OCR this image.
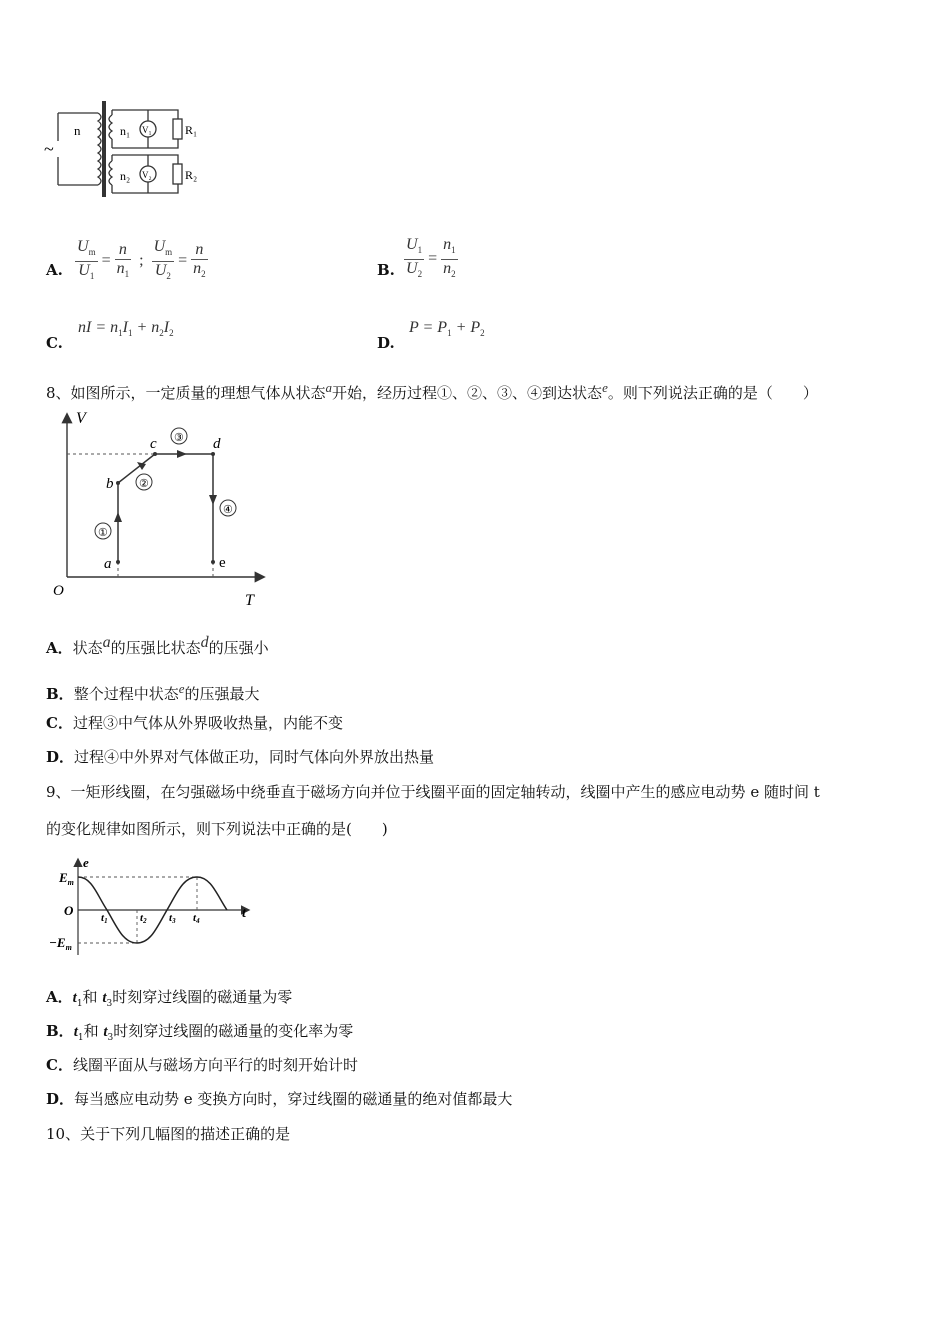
~
n	n₁
n₂
V₁
V₂
R₁
R₂
A. $\frac{U_m}{U_1} = \frac{n}{n_1}$ ; $\frac{U_m}{U_2} = \frac{n}{n_2}$	B. $\frac{U_1}{U_2} = \frac{n_1}{n_2}$
C.
nI = $n_1I_1 + n_2I_2$
D.
$P = P_1 + P_2$
8、如图所示，一定质量的理想气体从状态$^a$开始，经历过程①、②、③、④到达状态$^e$。则下列说法正确的是（　　）
V
T
O
a
b
c	d
e
①
②
③
④
A．状态$^a$的压强比状态$^d$的压强小
B．整个过程中状态$^e$的压强最大
C．过程③中气体从外界吸收热量，内能不变
D．过程④中外界对气体做正功，同时气体向外界放出热量
9、一矩形线圈，在匀强磁场中绕垂直于磁场方向并位于线圈平面的固定轴转动，线圈中产生的感应电动势 e 随时间 t
的变化规律如图所示，则下列说法中正确的是(　　)
e
t
O
$E_m$
$-E_m$
t1	t2 t3 t4
A．$t_1$和 $t_3$时刻穿过线圈的磁通量为零
B．$t_1$和 $t_3$时刻穿过线圈的磁通量的变化率为零
C．线圈平面从与磁场方向平行的时刻开始计时
D．每当感应电动势 e 变换方向时，穿过线圈的磁通量的绝对值都最大
10、关于下列几幅图的描述正确的是
